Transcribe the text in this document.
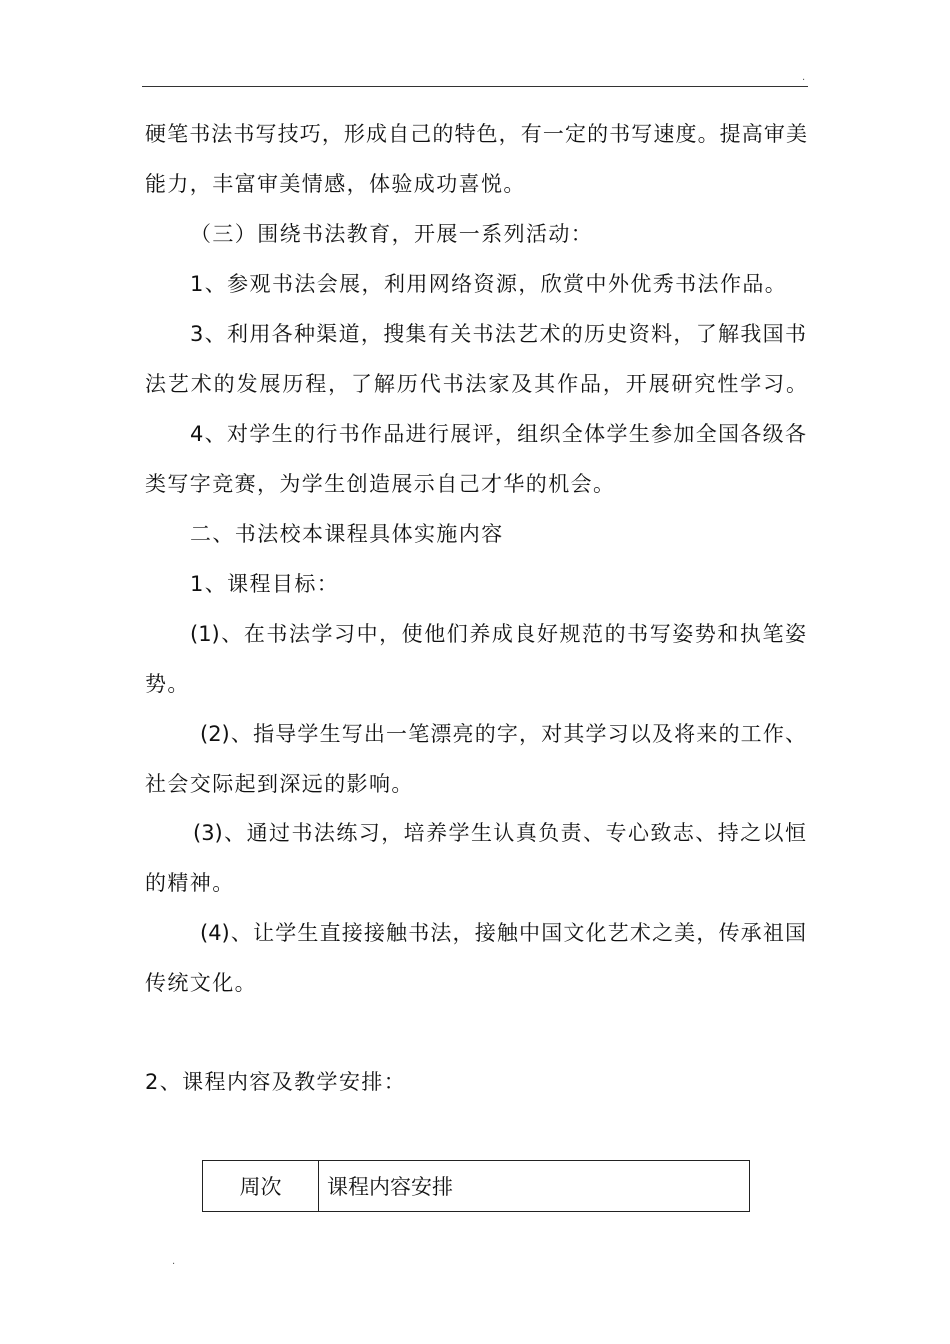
.
硬笔书法书写技巧，形成自己的特色，有一定的书写速度。提高审美
能力，丰富审美情感，体验成功喜悦。
（三）围绕书法教育，开展一系列活动：
1、参观书法会展，利用网络资源，欣赏中外优秀书法作品。
3、利用各种渠道，搜集有关书法艺术的历史资料，了解我国书
法艺术的发展历程，了解历代书法家及其作品，开展研究性学习。
4、对学生的行书作品进行展评，组织全体学生参加全国各级各
类写字竞赛，为学生创造展示自己才华的机会。
二、书法校本课程具体实施内容
1、课程目标：
(1)、在书法学习中，使他们养成良好规范的书写姿势和执笔姿
势。
(2)、指导学生写出一笔漂亮的字，对其学习以及将来的工作、
社会交际起到深远的影响。
(3)、通过书法练习，培养学生认真负责、专心致志、持之以恒
的精神。
(4)、让学生直接接触书法，接触中国文化艺术之美，传承祖国
传统文化。
2、课程内容及教学安排：
周次	课程内容安排
.
